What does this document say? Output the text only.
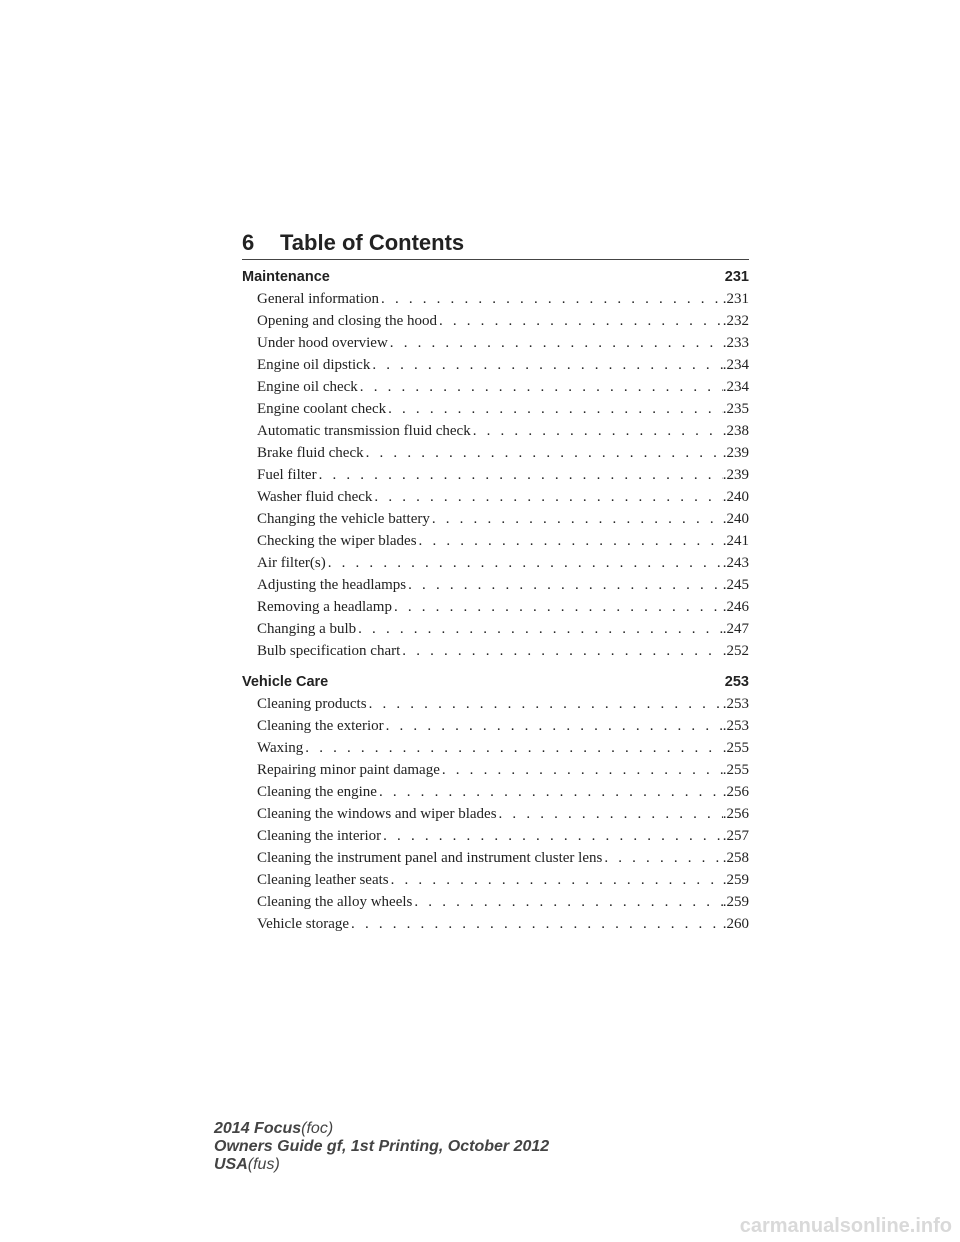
6 Table of Contents
Maintenance	231
General information . . .	.231
Opening and closing the hood . . .	.232
Under hood overview . . .	.233
Engine oil dipstick . . .	.234
Engine oil check . . .	.234
Engine coolant check . . .	.235
Automatic transmission fluid check . . .	.238
Brake fluid check . . .	.239
Fuel filter . . .	.239
Washer fluid check . . .	.240
Changing the vehicle battery . . .	.240
Checking the wiper blades . . .	.241
Air filter(s) . . .	.243
Adjusting the headlamps . . .	.245
Removing a headlamp . . .	.246
Changing a bulb . . .	.247
Bulb specification chart . . .	.252
Vehicle Care	253
Cleaning products . . .	.253
Cleaning the exterior . . .	.253
Waxing . . .	.255
Repairing minor paint damage . . .	.255
Cleaning the engine . . .	.256
Cleaning the windows and wiper blades . . .	.256
Cleaning the interior . . .	.257
Cleaning the instrument panel and instrument cluster lens . . .	.258
Cleaning leather seats . . .	.259
Cleaning the alloy wheels . . .	.259
Vehicle storage . . .	.260
2014 Focus(foc)
Owners Guide gf, 1st Printing, October 2012
USA(fus)
carmanualsonline.info
